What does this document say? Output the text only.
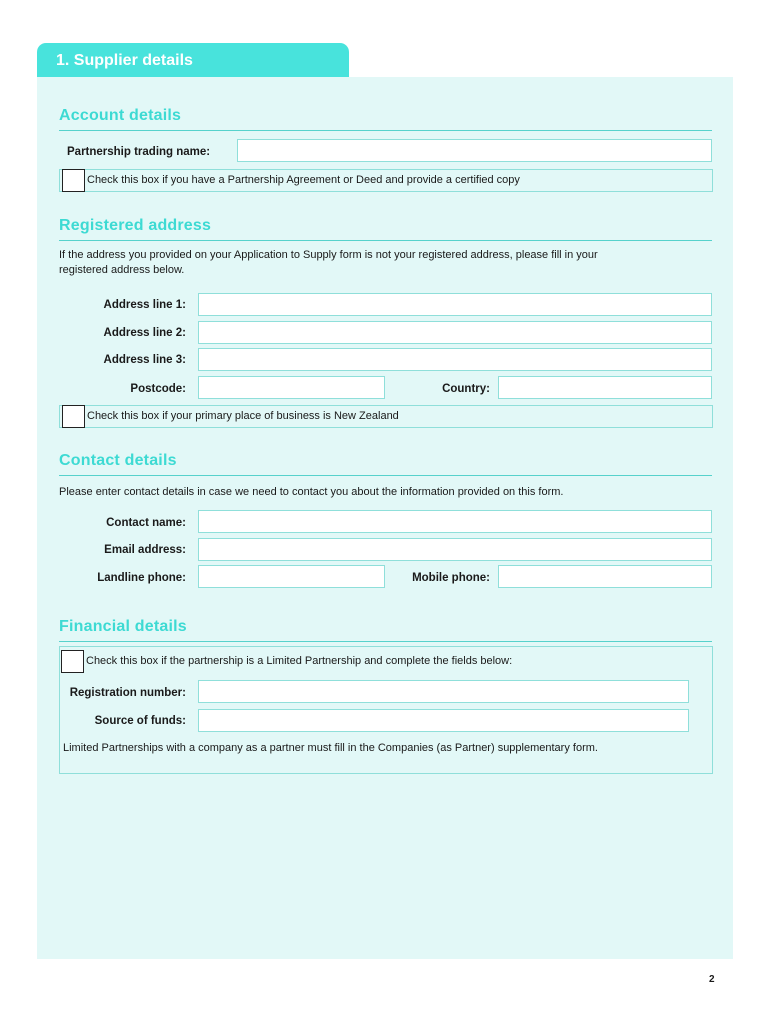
1. Supplier details
Account details
Partnership trading name:
Check this box if you have a Partnership Agreement or Deed and provide a certified copy
Registered address
If the address you provided on your Application to Supply form is not your registered address, please fill in your
registered address below.
Address line 1:
Address line 2:
Address line 3:
Postcode:	Country:
Check this box if your primary place of business is New Zealand
Contact details
Please enter contact details in case we need to contact you about the information provided on this form.
Contact name:
Email address:
Landline phone:	Mobile phone:
Financial details
Check this box if the partnership is a Limited Partnership and complete the fields below:
Registration number:
Source of funds:
Limited Partnerships with a company as a partner must fill in the Companies (as Partner) supplementary form.
2
